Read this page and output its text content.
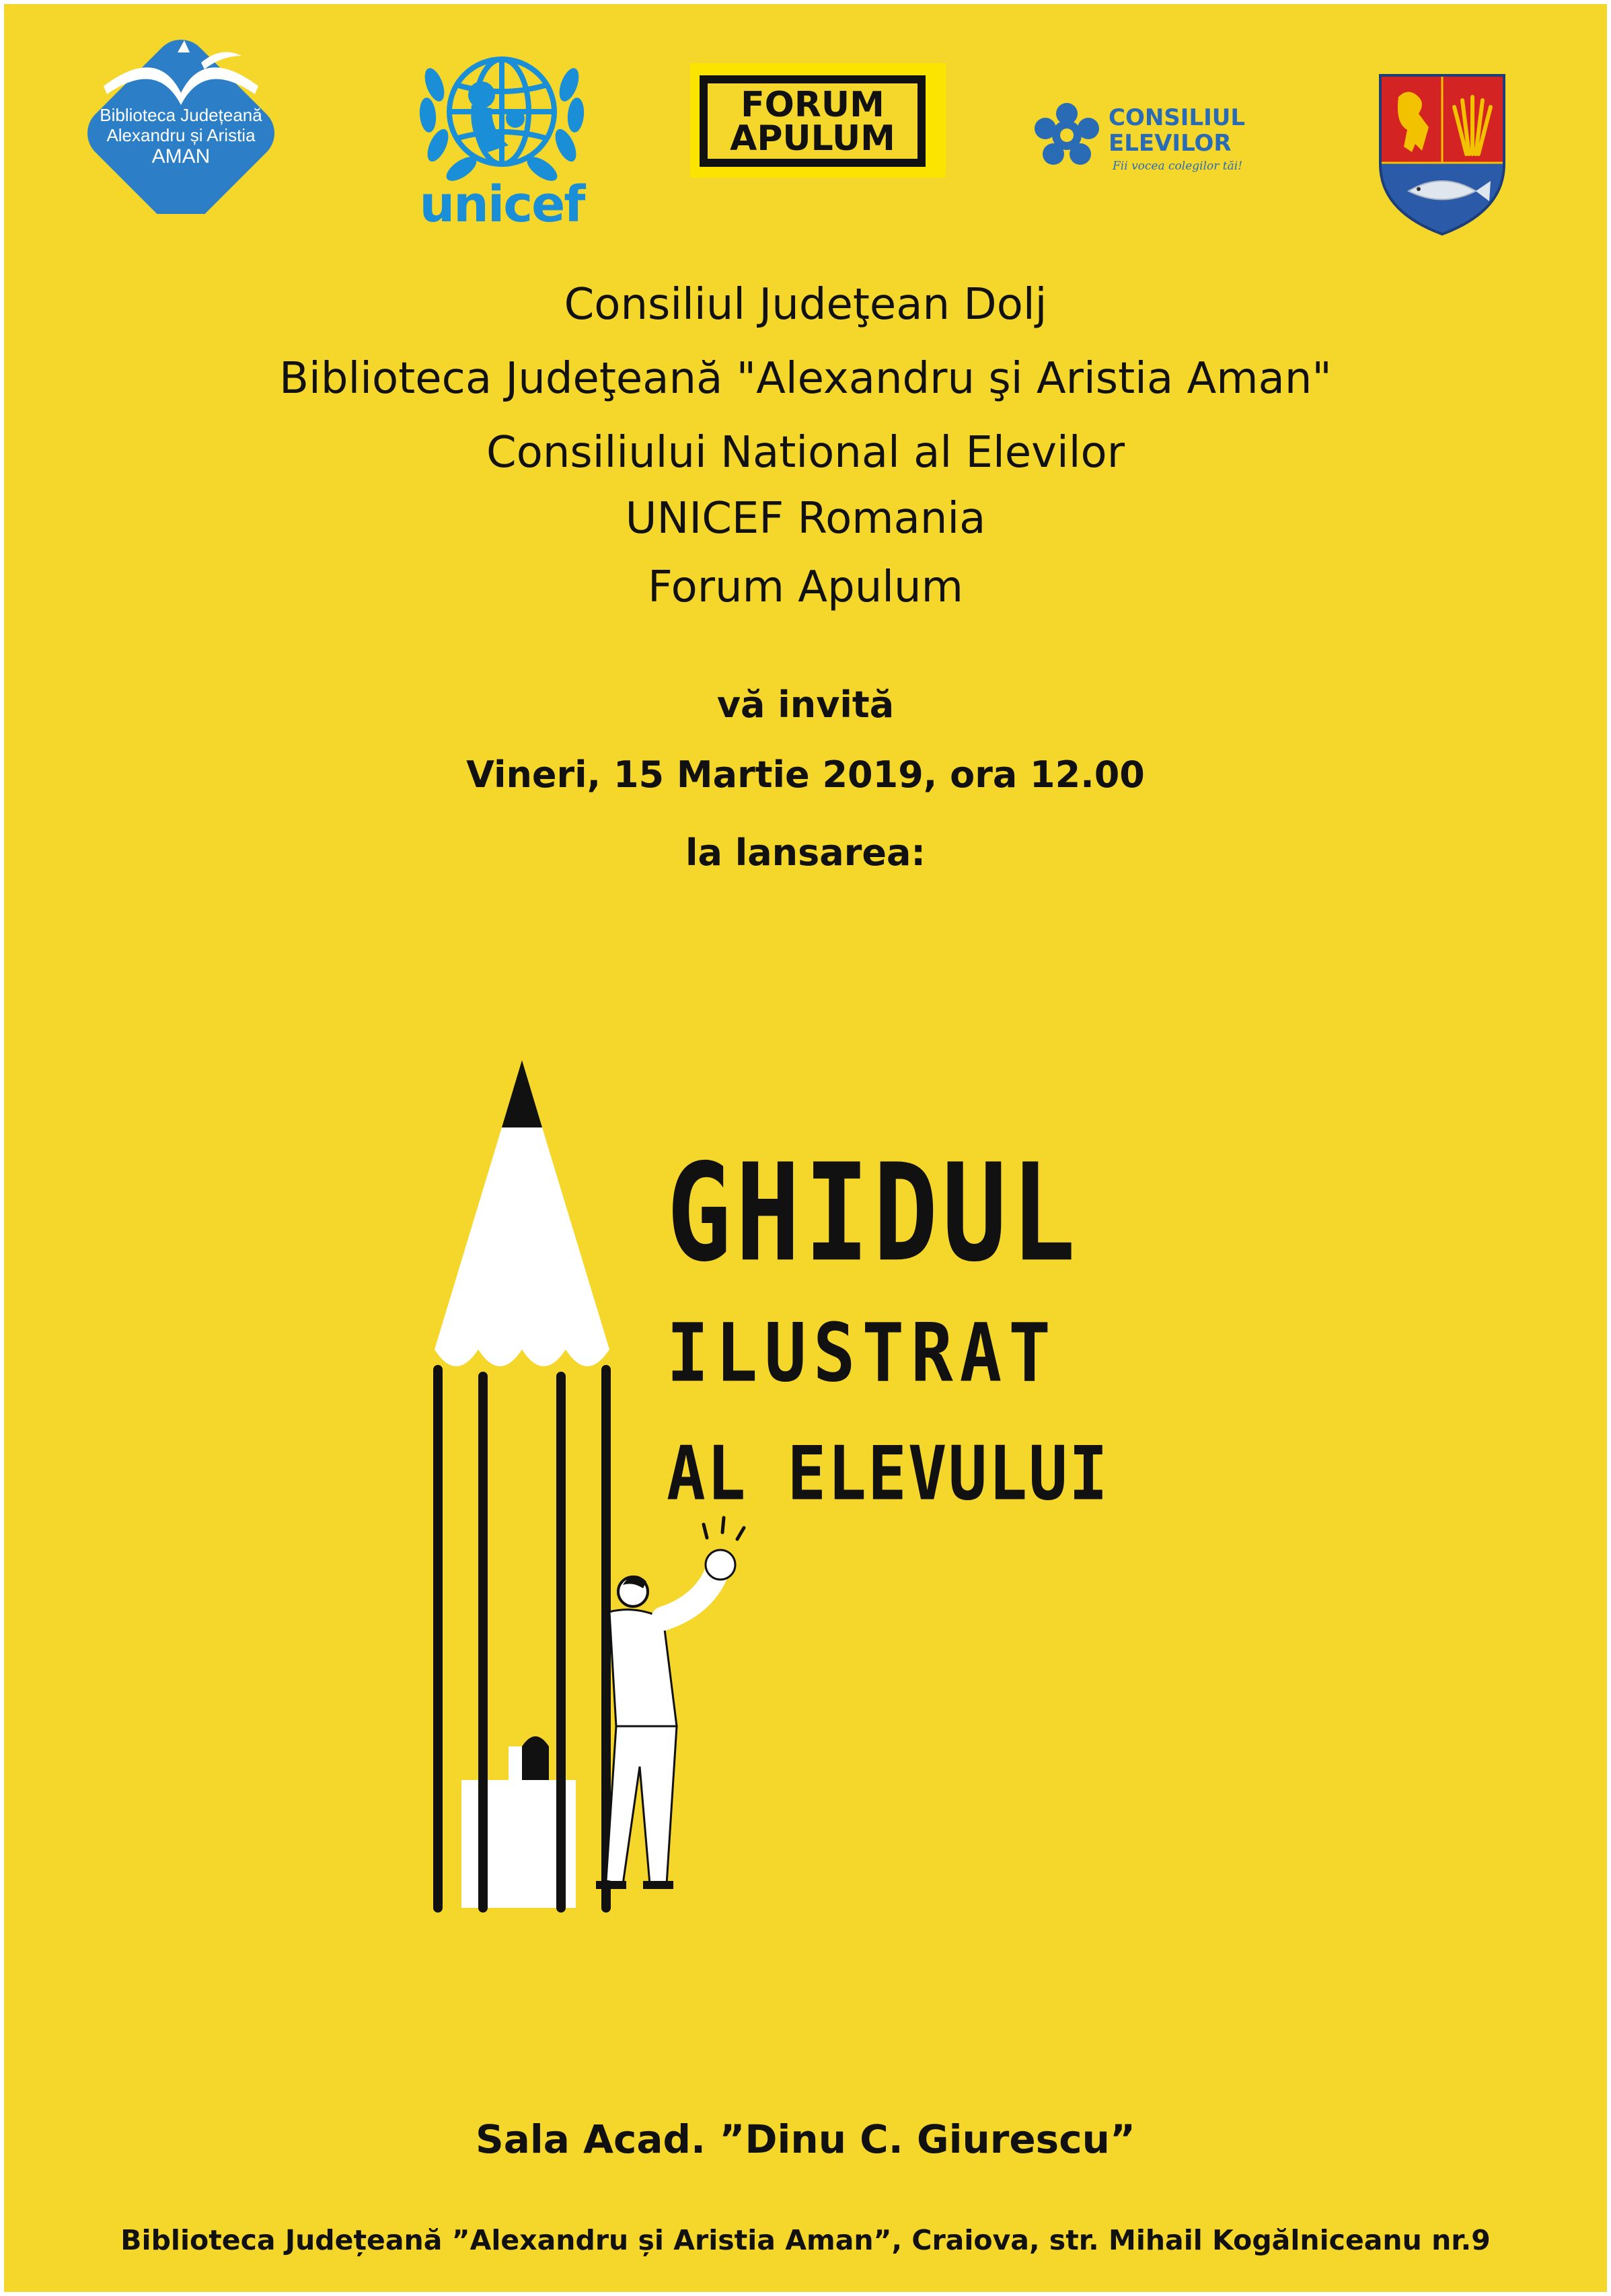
Biblioteca Județeană
Alexandru și Aristia
AMAN
unicef
FORUM
APULUM
CONSILIUL
ELEVILOR
Fii vocea colegilor tăi!
Consiliul Judeţean Dolj
Biblioteca Judeţeană "Alexandru şi Aristia Aman"
Consiliului National al Elevilor
UNICEF Romania
Forum Apulum
vă invită
Vineri, 15 Martie 2019, ora 12.00
la lansarea:
GHIDUL
ILUSTRAT
AL ELEVULUI
Sala Acad. ”Dinu C. Giurescu”
Biblioteca Județeană ”Alexandru și Aristia Aman”, Craiova, str. Mihail Kogălniceanu nr.9
